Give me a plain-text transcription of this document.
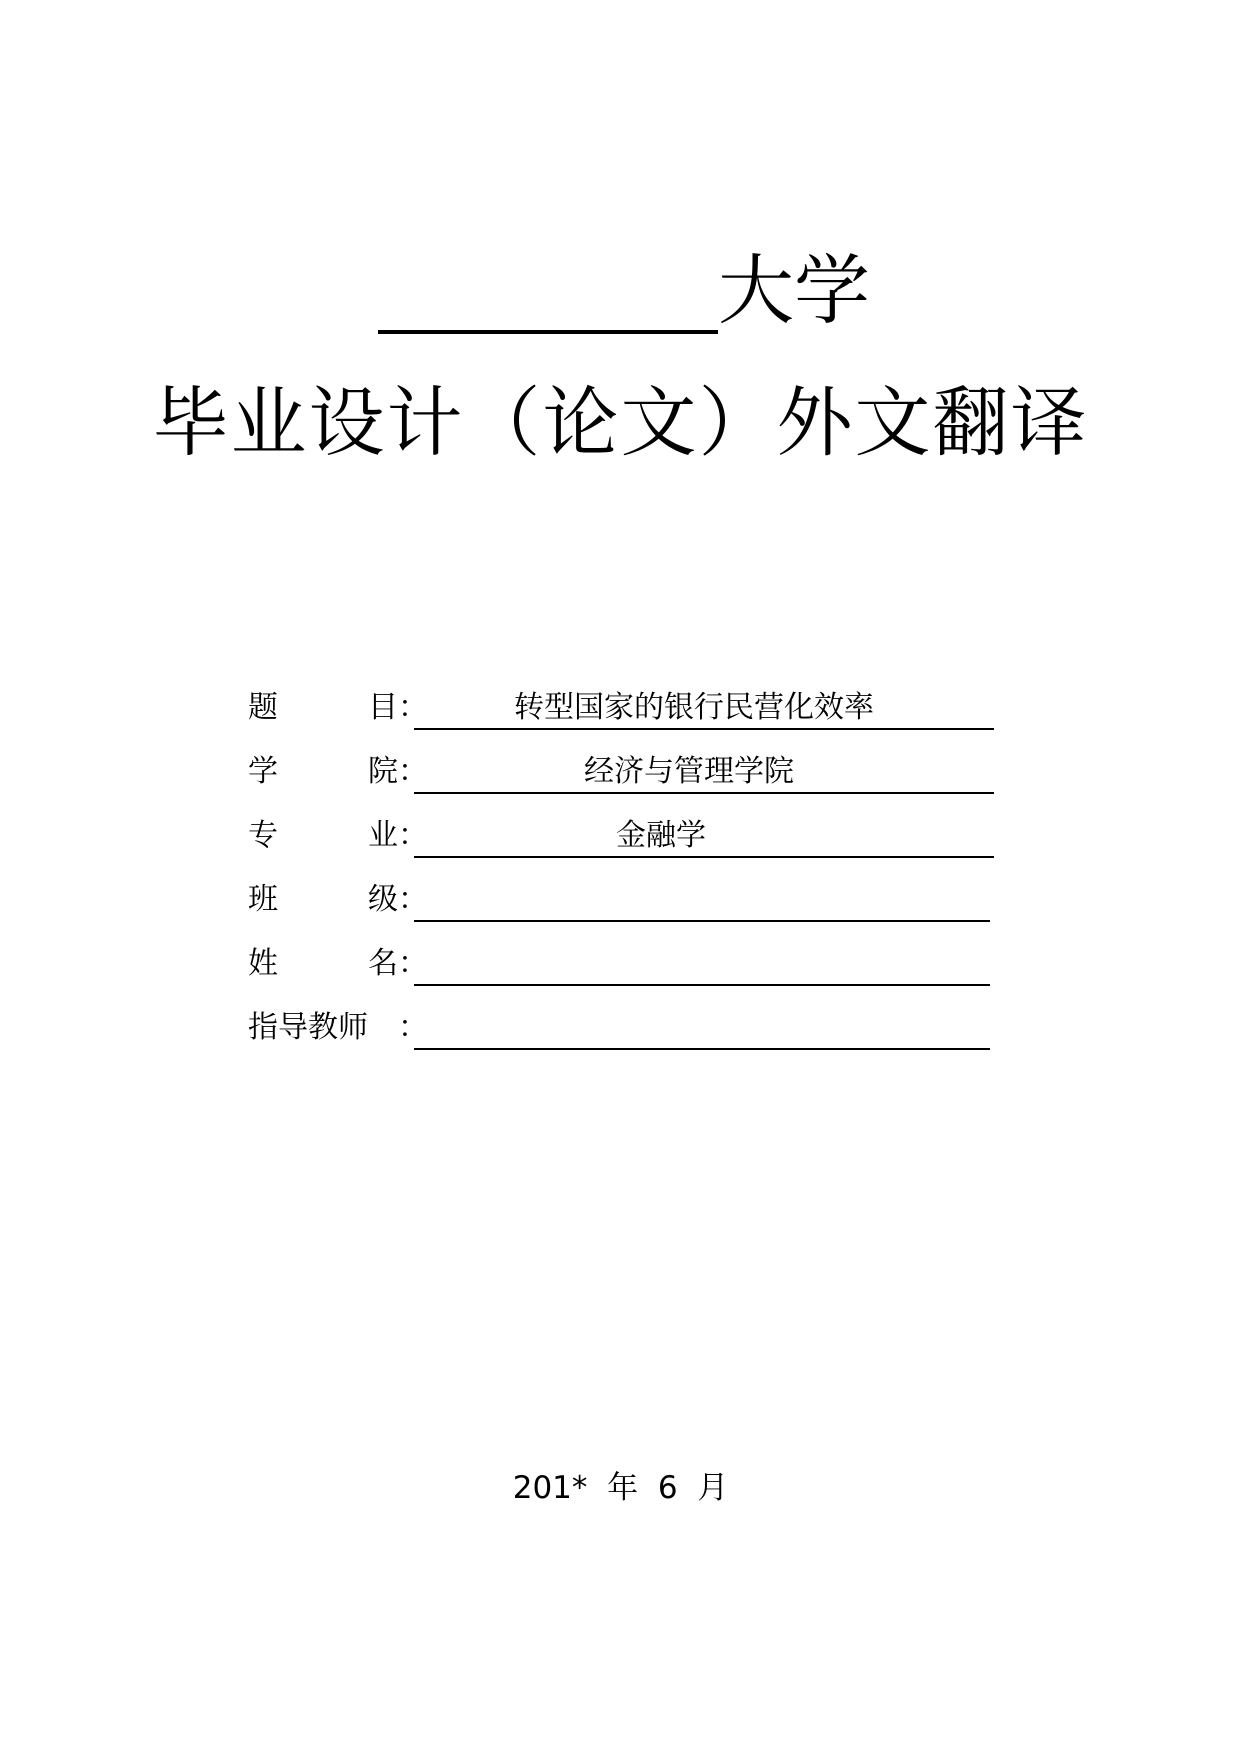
大学
毕业设计（论文）外文翻译
题	目 ：	转型国家的银行民营化效率
学	院 ：	经济与管理学院
专	业 ：	金融学
班	级 ：
姓	名 ：
指导教师 ：
201*  年  6  月
